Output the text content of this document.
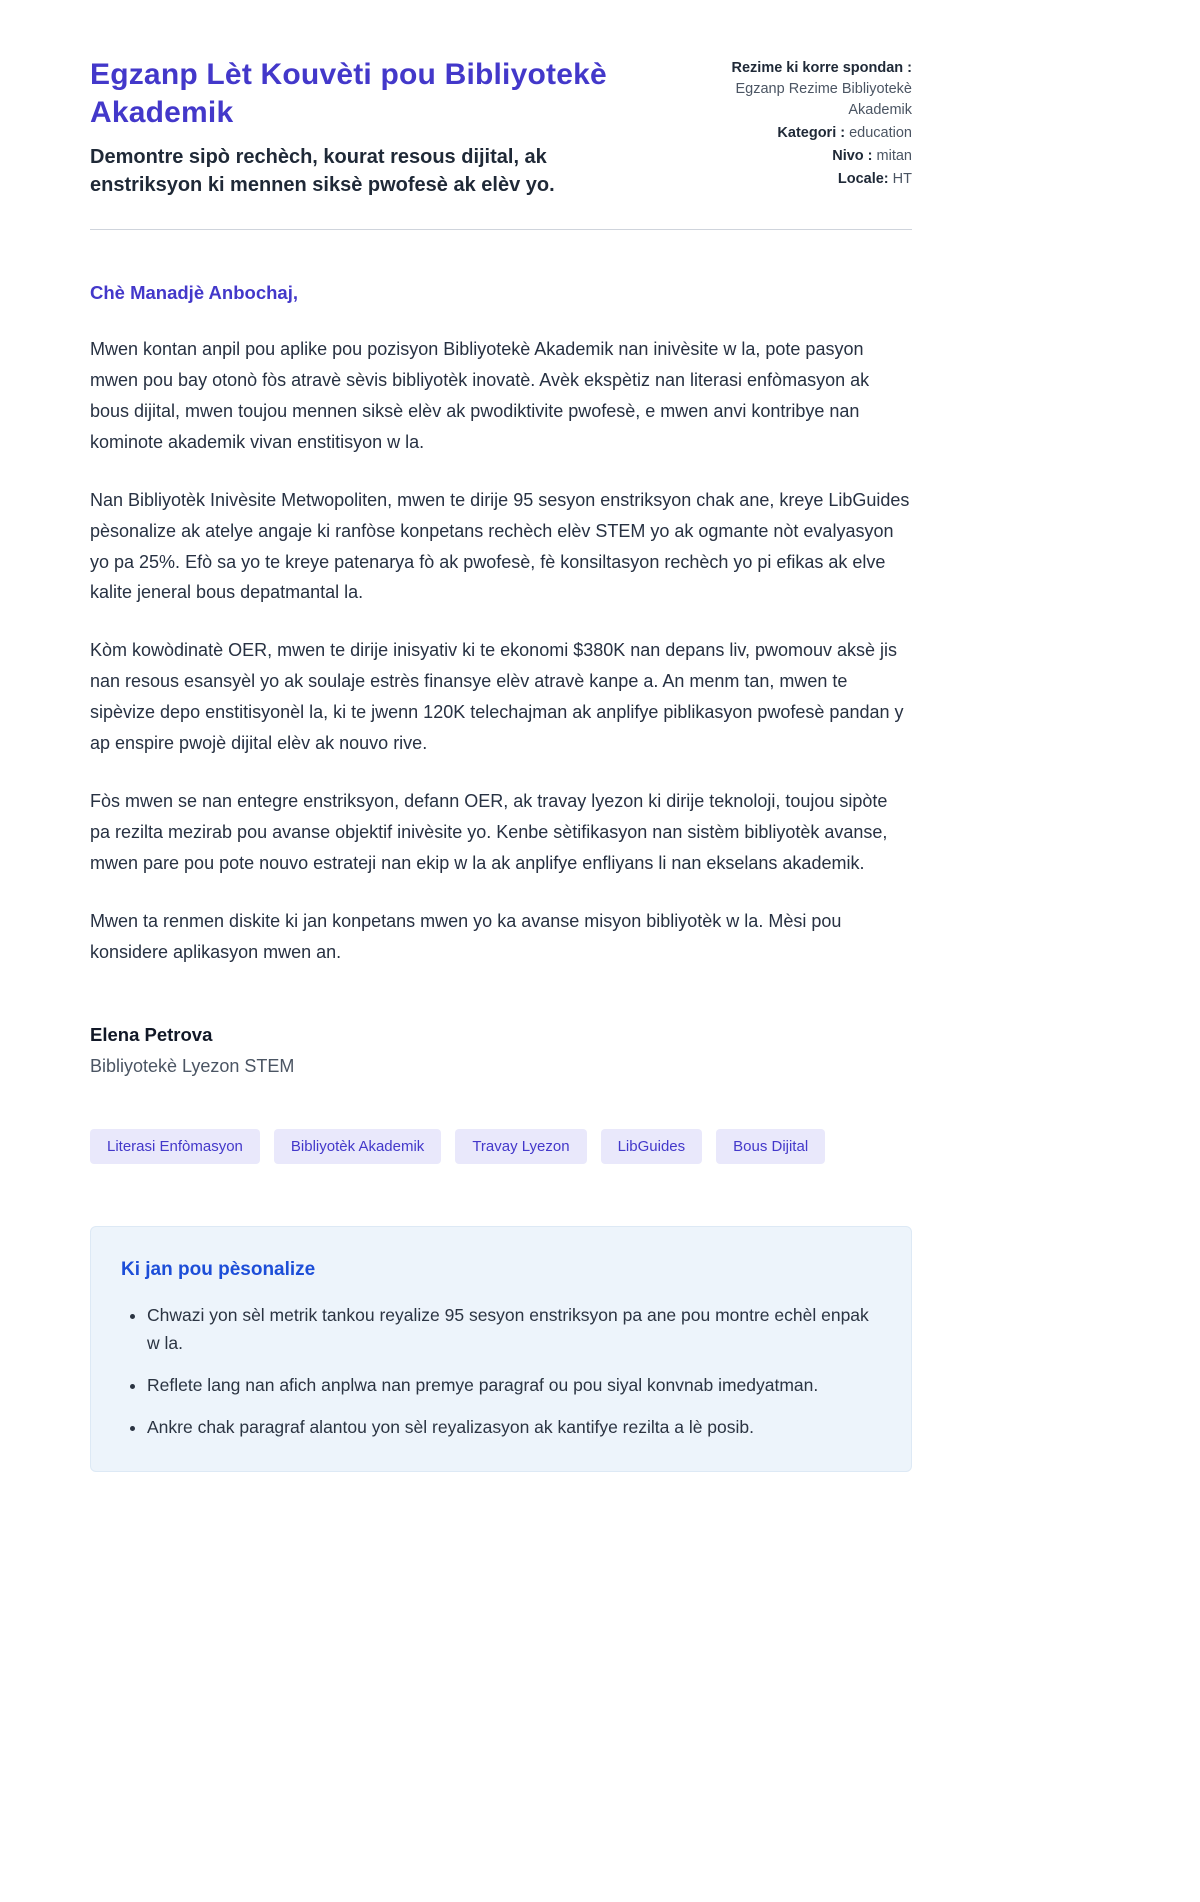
Egzanp Lèt Kouvèti pou Bibliyotekè Akademik
Demontre sipò rechèch, kourat resous dijital, ak enstriksyon ki mennen siksè pwofesè ak elèv yo.
Rezime ki korre spondan : Egzanp Rezime Bibliyotekè Akademik
Kategori : education
Nivo : mitan
Locale: HT
Chè Manadjè Anbochaj,

Mwen kontan anpil pou aplike pou pozisyon Bibliyotekè Akademik nan inivèsite w la, pote pasyon mwen pou bay otonò fòs atravè sèvis bibliyotèk inovatè. Avèk ekspètiz nan literasi enfòmasyon ak bous dijital, mwen toujou mennen siksè elèv ak pwodiktivite pwofesè, e mwen anvi kontribye nan kominote akademik vivan enstitisyon w la.

Nan Bibliyotèk Inivèsite Metwopoliten, mwen te dirije 95 sesyon enstriksyon chak ane, kreye LibGuides pèsonalize ak atelye angaje ki ranfòse konpetans rechèch elèv STEM yo ak ogmante nòt evalyasyon yo pa 25%. Efò sa yo te kreye patenarya fò ak pwofesè, fè konsiltasyon rechèch yo pi efikas ak elve kalite jeneral bous depatmantal la.

Kòm kowòdinatè OER, mwen te dirije inisyativ ki te ekonomi $380K nan depans liv, pwomouv aksè jis nan resous esansyèl yo ak soulaje estrès finansye elèv atravè kanpe a. An menm tan, mwen te sipèvize depo enstitisyonèl la, ki te jwenn 120K telechajman ak anplifye piblikasyon pwofesè pandan y ap enspire pwojè dijital elèv ak nouvo rive.

Fòs mwen se nan entegre enstriksyon, defann OER, ak travay lyezon ki dirije teknoloji, toujou sipòte pa rezilta mezirab pou avanse objektif inivèsite yo. Kenbe sètifikasyon nan sistèm bibliyotèk avanse, mwen pare pou pote nouvo estrateji nan ekip w la ak anplifye enfliyans li nan ekselans akademik.

Mwen ta renmen diskite ki jan konpetans mwen yo ka avanse misyon bibliyotèk w la. Mèsi pou konsidere aplikasyon mwen an.

Elena Petrova
Bibliyotekè Lyezon STEM
Literasi Enfòmasyon	Bibliyotèk Akademik	Travay Lyezon	LibGuides	Bous Dijital
Ki jan pou pèsonalize
• Chwazi yon sèl metrik tankou reyalize 95 sesyon enstriksyon pa ane pou montre echèl enpak w la.
• Reflete lang nan afich anplwa nan premye paragraf ou pou siyal konvnab imedyatman.
• Ankre chak paragraf alantou yon sèl reyalizasyon ak kantifye rezilta a lè posib.
